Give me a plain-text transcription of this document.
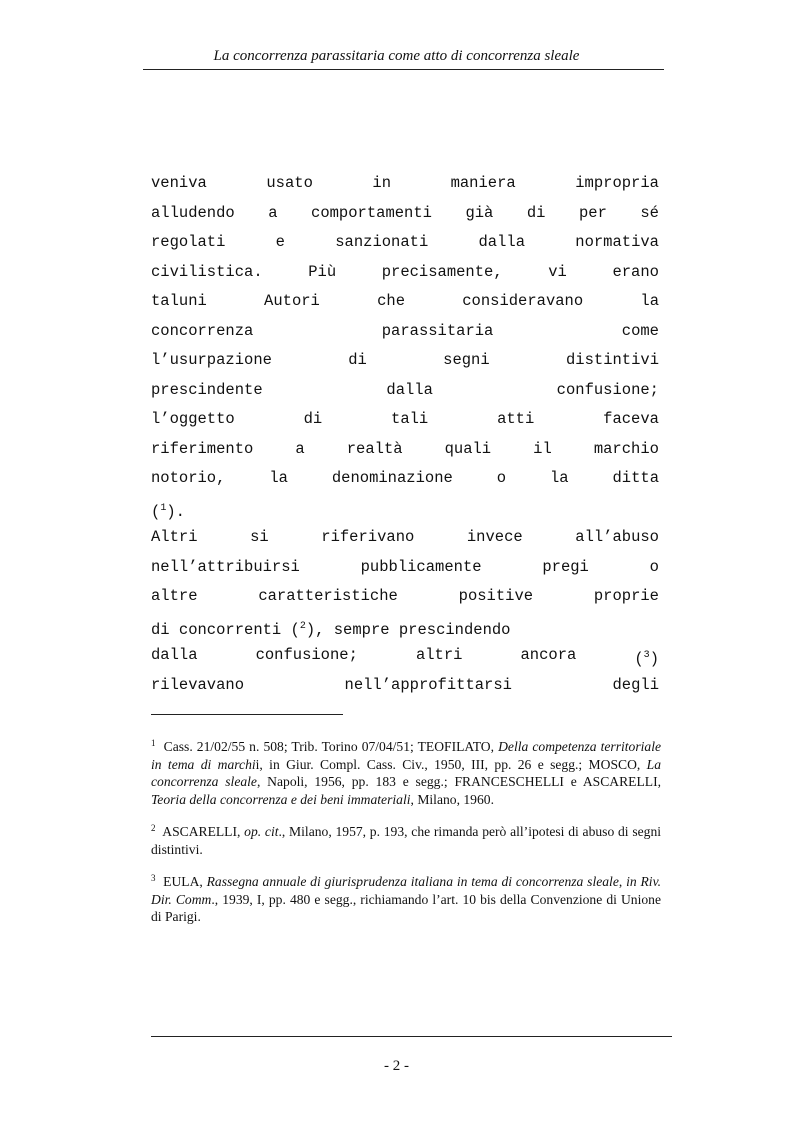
La concorrenza parassitaria come atto di concorrenza sleale
veniva	usato	in	maniera	impropria
alludendo a comportamenti già di per sé
regolati	e	sanzionati	dalla	normativa
civilistica.	Più	precisamente,	vi	erano
taluni	Autori	che	consideravano	la
concorrenza	parassitaria	come
l’usurpazione	di	segni	distintivi
prescindente	dalla	confusione;
l’oggetto	di	tali	atti	faceva
riferimento	a	realtà	quali	il	marchio
notorio,	la	denominazione	o	la	ditta
($^1$).
Altri	si	riferivano	invece	all’abuso
nell’attribuirsi	pubblicamente	pregi	o
altre	caratteristiche	positive	proprie
di concorrenti ($^2$), sempre prescindendo
dalla	confusione;	altri	ancora	($^3$)
rilevavano	nell’approfittarsi	degli
$^1$ Cass. 21/02/55 n. 508; Trib. Torino 07/04/51; TEOFILATO, Della competenza territoriale in tema di marchii, in Giur. Compl. Cass. Civ., 1950, III, pp. 26 e segg.; MOSCO, La concorrenza sleale, Napoli, 1956, pp. 183 e segg.; FRANCESCHELLI e ASCARELLI, Teoria della concorrenza e dei beni immateriali, Milano, 1960.
$^2$ ASCARELLI, op. cit., Milano, 1957, p. 193, che rimanda però all’ipotesi di abuso di segni distintivi.
$^3$ EULA, Rassegna annuale di giurisprudenza italiana in tema di concorrenza sleale, in Riv. Dir. Comm., 1939, I, pp. 480 e segg., richiamando l’art. 10 bis della Convenzione di Unione di Parigi.
- 2 -
